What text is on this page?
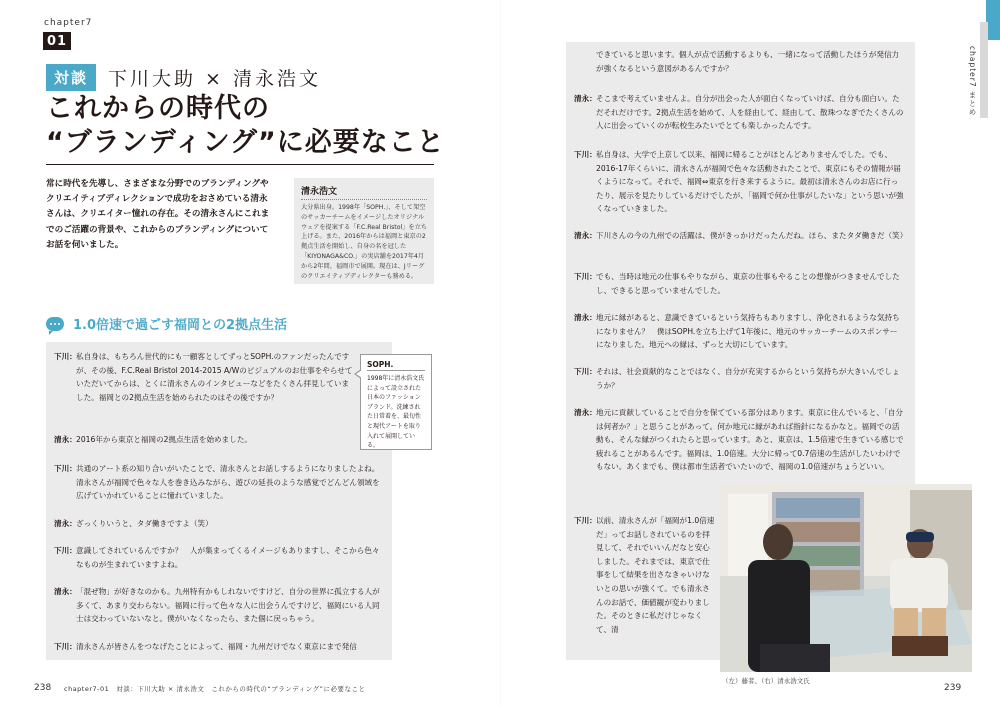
chapter7 まとめ
chapter7
01
対談	下川大助 × 清永浩文
これからの時代の
“ブランディング”に必要なこと
常に時代を先導し、さまざまな分野でのブランディングやクリエイティブディレクションで成功をおさめている清永さんは、クリエイター憧れの存在。その清永さんにこれまでのご活躍の背景や、これからのブランディングについてお話を伺いました。
清永浩文
大分県出身。1998年「SOPH.」、そして架空のサッカーチームをイメージしたオリジナルウェアを提案する「F.C.Real Bristol」を立ち上げる。また、2016年からは福岡と東京の2拠点生活を開始し、自身の名を冠した「KIYONAGA&CO.」の実店舗を2017年4月から2年間、福岡市で展開。現在は、Jリーグのクリエイティブディレクターも務める。
1.0倍速で過ごす福岡との2拠点生活
下川： 私自身は、もちろん世代的にも一顧客としてずっとSOPH.のファンだったんですが、その後、F.C.Real Bristol 2014-2015 A/Wのビジュアルのお仕事をやらせていただいてからは、とくに清永さんのインタビューなどをたくさん拝見していました。福岡との2拠点生活を始められたのはその後ですか？
清永： 2016年から東京と福岡の2拠点生活を始めました。
下川： 共通のアート系の知り合いがいたことで、清永さんとお話しするようになりましたよね。清永さんが福岡で色々な人を巻き込みながら、遊びの延長のような感覚でどんどん領域を広げていかれていることに憧れていました。
清永： ざっくりいうと、タダ働きですよ（笑）
下川： 意識してされているんですか？　人が集まってくるイメージもありますし、そこから色々なものが生まれていますよね。
清永： 「混ぜ物」が好きなのかも。九州特有かもしれないですけど、自分の世界に孤立する人が多くて、あまり交わらない。福岡に行って色々な人に出会うんですけど、福岡にいる人同士は交わっていないなと。僕がいなくなったら、また個に戻っちゃう。
下川： 清永さんが皆さんをつなげたことによって、福岡・九州だけでなく東京にまで発信
SOPH.
1998年に清永浩文氏によって設立された日本のファッションブランド。洗練された日常着を、最旬性と現代アートを取り入れて展開している。
できていると思います。個人が点で活動するよりも、一緒になって活動したほうが発信力が強くなるという意図があるんですか？
清永： そこまで考えていませんよ。自分が出会った人が面白くなっていけば、自分も面白い。ただそれだけです。2拠点生活を始めて、人を経由して、経由して、散珠つなぎでたくさんの人に出会っていくのが転校生みたいでとても楽しかったんです。
下川： 私自身は、大学で上京して以来、福岡に帰ることがほとんどありませんでした。でも、2016-17年くらいに、清永さんが福岡で色々な活動されたことで、東京にもその情報が届くようになって。それで、福岡⇔東京を行き来するように。最初は清永さんのお店に行ったり、展示を見たりしているだけでしたが、「福岡で何か仕事がしたいな」という思いが強くなっていきました。
清永： 下川さんの今の九州での活躍は、僕がきっかけだったんだね。ほら、またタダ働きだ（笑）
下川： でも、当時は地元の仕事もやりながら、東京の仕事もやることの想像がつきませんでしたし、できると思っていませんでした。
清永： 地元に縁があると、意識できているという気持ちもありますし、浄化されるような気持ちになりません？　僕はSOPH.を立ち上げて1年後に、地元のサッカーチームのスポンサーになりました。地元への縁は、ずっと大切にしています。
下川： それは、社会貢献的なことではなく、自分が充実するからという気持ちが大きいんでしょうか？
清永： 地元に貢献していることで自分を保てている部分はあります。東京に住んでいると、「自分は何者か？」と思うことがあって。何か地元に縁があれば指針になるかなと。福岡での活動も、そんな縁がつくれたらと思っています。あと、東京は、1.5倍速で生きている感じで疲れることがあるんです。福岡は、1.0倍速。大分に帰って0.7倍速の生活がしたいわけでもない。あくまでも、僕は都市生活者でいたいので、福岡の1.0倍速がちょうどいい。
下川： 以前、清永さんが「福岡が1.0倍速だ」ってお話しされているのを拝見して、それでいいんだなと安心しました。それまでは、東京で仕事をして結果を出さなきゃいけないとの思いが強くて。でも清永さんのお話で、価値観が変わりました。そのときに私だけじゃなくて、清
（左）藤者、（右）清永浩文氏
238 chapter7-01　対談：下川大助 × 清永浩文　これからの時代の“ブランディング”に必要なこと	239
